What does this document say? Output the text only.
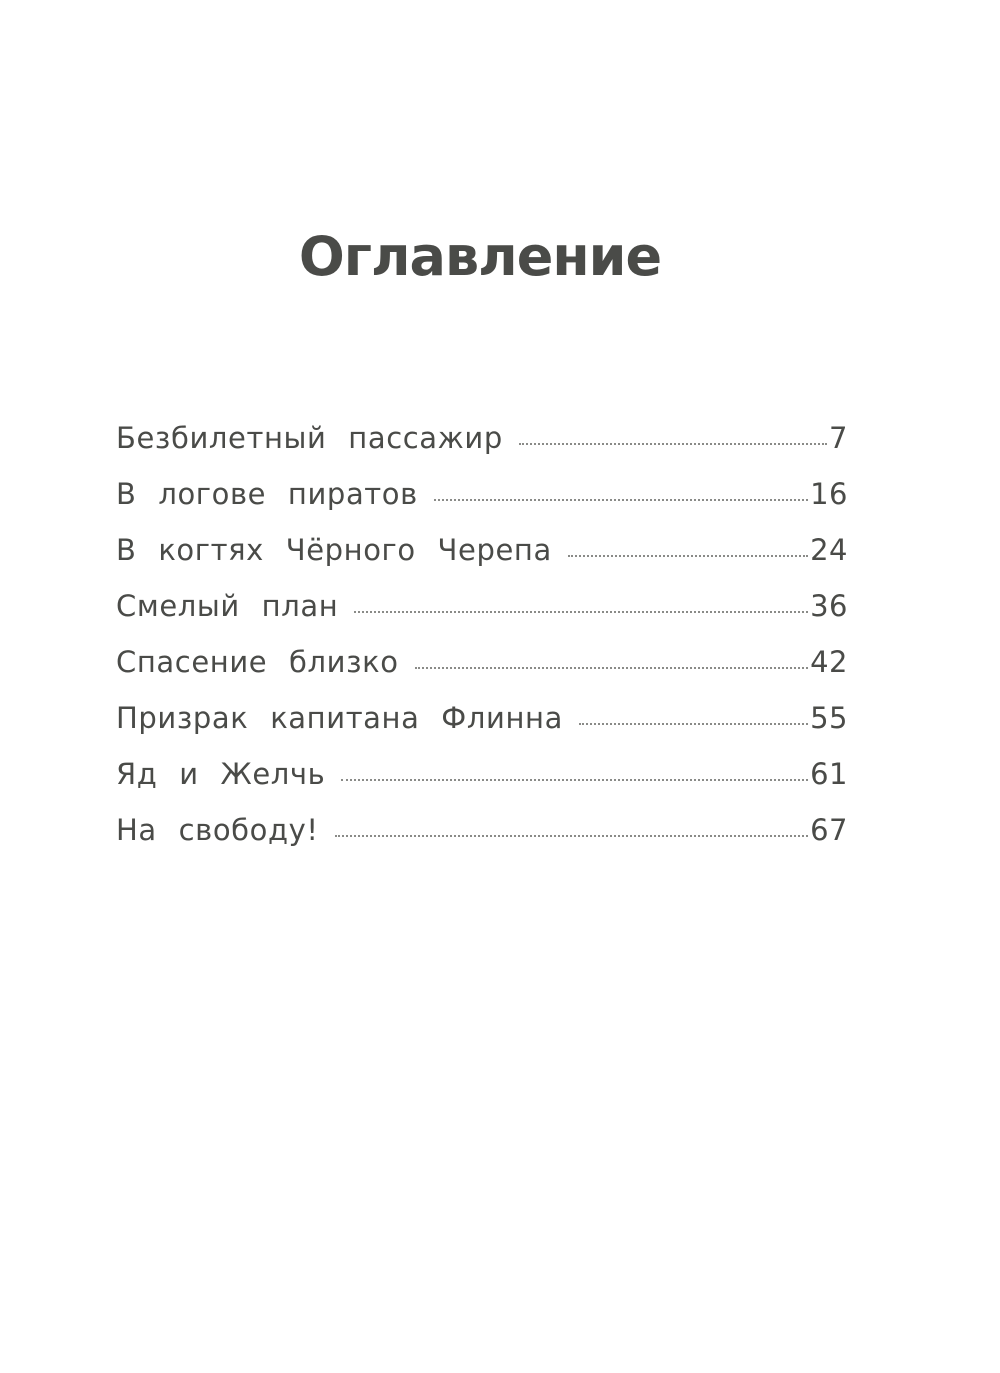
Оглавление
Безбилетный пассажир	7
В логове пиратов	16
В когтях Чёрного Черепа	24
Смелый план	36
Спасение близко	42
Призрак капитана Флинна	55
Яд и Желчь	61
На свободу!	67
